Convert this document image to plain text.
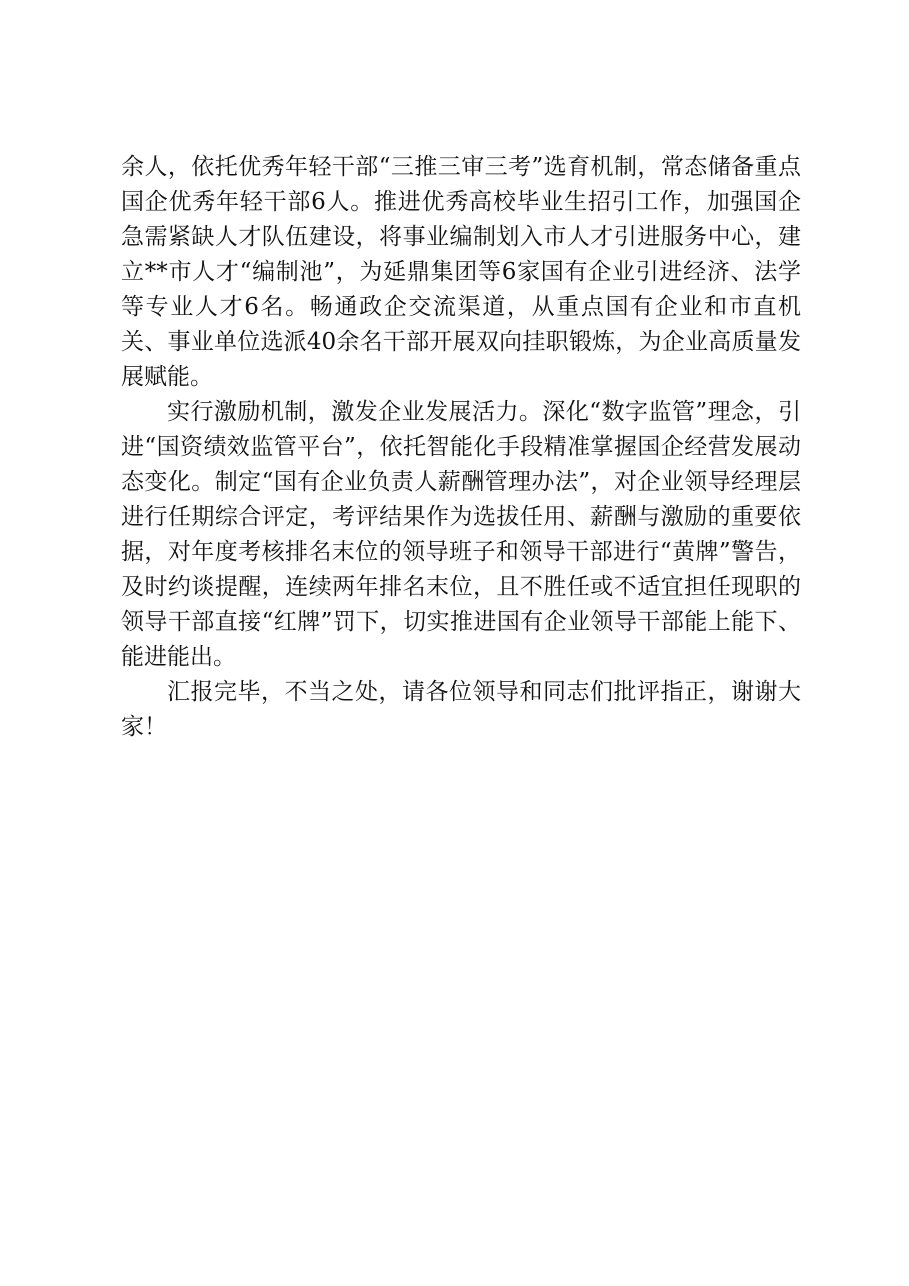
余人，依托优秀年轻干部“三推三审三考”选育机制，常态储备重点国企优秀年轻干部6人。推进优秀高校毕业生招引工作，加强国企急需紧缺人才队伍建设，将事业编制划入市人才引进服务中心，建立**市人才“编制池”，为延鼎集团等6家国有企业引进经济、法学等专业人才6名。畅通政企交流渠道，从重点国有企业和市直机关、事业单位选派40余名干部开展双向挂职锻炼，为企业高质量发展赋能。

实行激励机制，激发企业发展活力。深化“数字监管”理念，引进“国资绩效监管平台”，依托智能化手段精准掌握国企经营发展动态变化。制定“国有企业负责人薪酬管理办法”，对企业领导经理层进行任期综合评定，考评结果作为选拔任用、薪酬与激励的重要依据，对年度考核排名末位的领导班子和领导干部进行“黄牌”警告，及时约谈提醒，连续两年排名末位，且不胜任或不适宜担任现职的领导干部直接“红牌”罚下，切实推进国有企业领导干部能上能下、能进能出。

汇报完毕，不当之处，请各位领导和同志们批评指正，谢谢大家！
